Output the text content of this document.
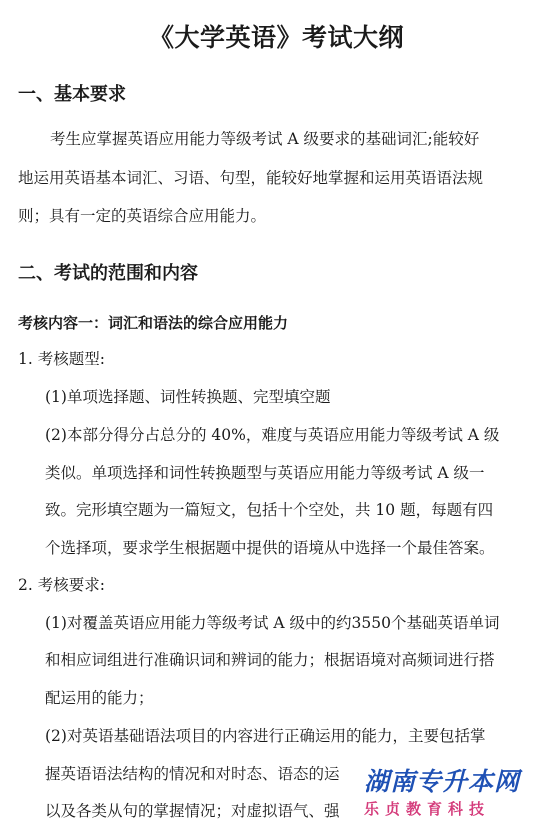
《大学英语》考试大纲
一、基本要求
考生应掌握英语应用能力等级考试 A 级要求的基础词汇;能较好
地运用英语基本词汇、习语、句型，能较好地掌握和运用英语语法规
则；具有一定的英语综合应用能力。
二、考试的范围和内容
考核内容一：词汇和语法的综合应用能力
1. 考核题型:
(1)单项选择题、词性转换题、完型填空题
(2)本部分得分占总分的 40%，难度与英语应用能力等级考试 A 级
类似。单项选择和词性转换题型与英语应用能力等级考试 A 级一
致。完形填空题为一篇短文，包括十个空处，共 10 题，每题有四
个选择项，要求学生根据题中提供的语境从中选择一个最佳答案。
2. 考核要求:
(1)对覆盖英语应用能力等级考试 A 级中的约3550个基础英语单词
和相应词组进行准确识词和辨词的能力；根据语境对高频词进行搭
配运用的能力；
(2)对英语基础语法项目的内容进行正确运用的能力，主要包括掌
握英语语法结构的情况和对时态、语态的运
以及各类从句的掌握情况；对虚拟语气、强
湖南专升本网
乐贞教育科技
